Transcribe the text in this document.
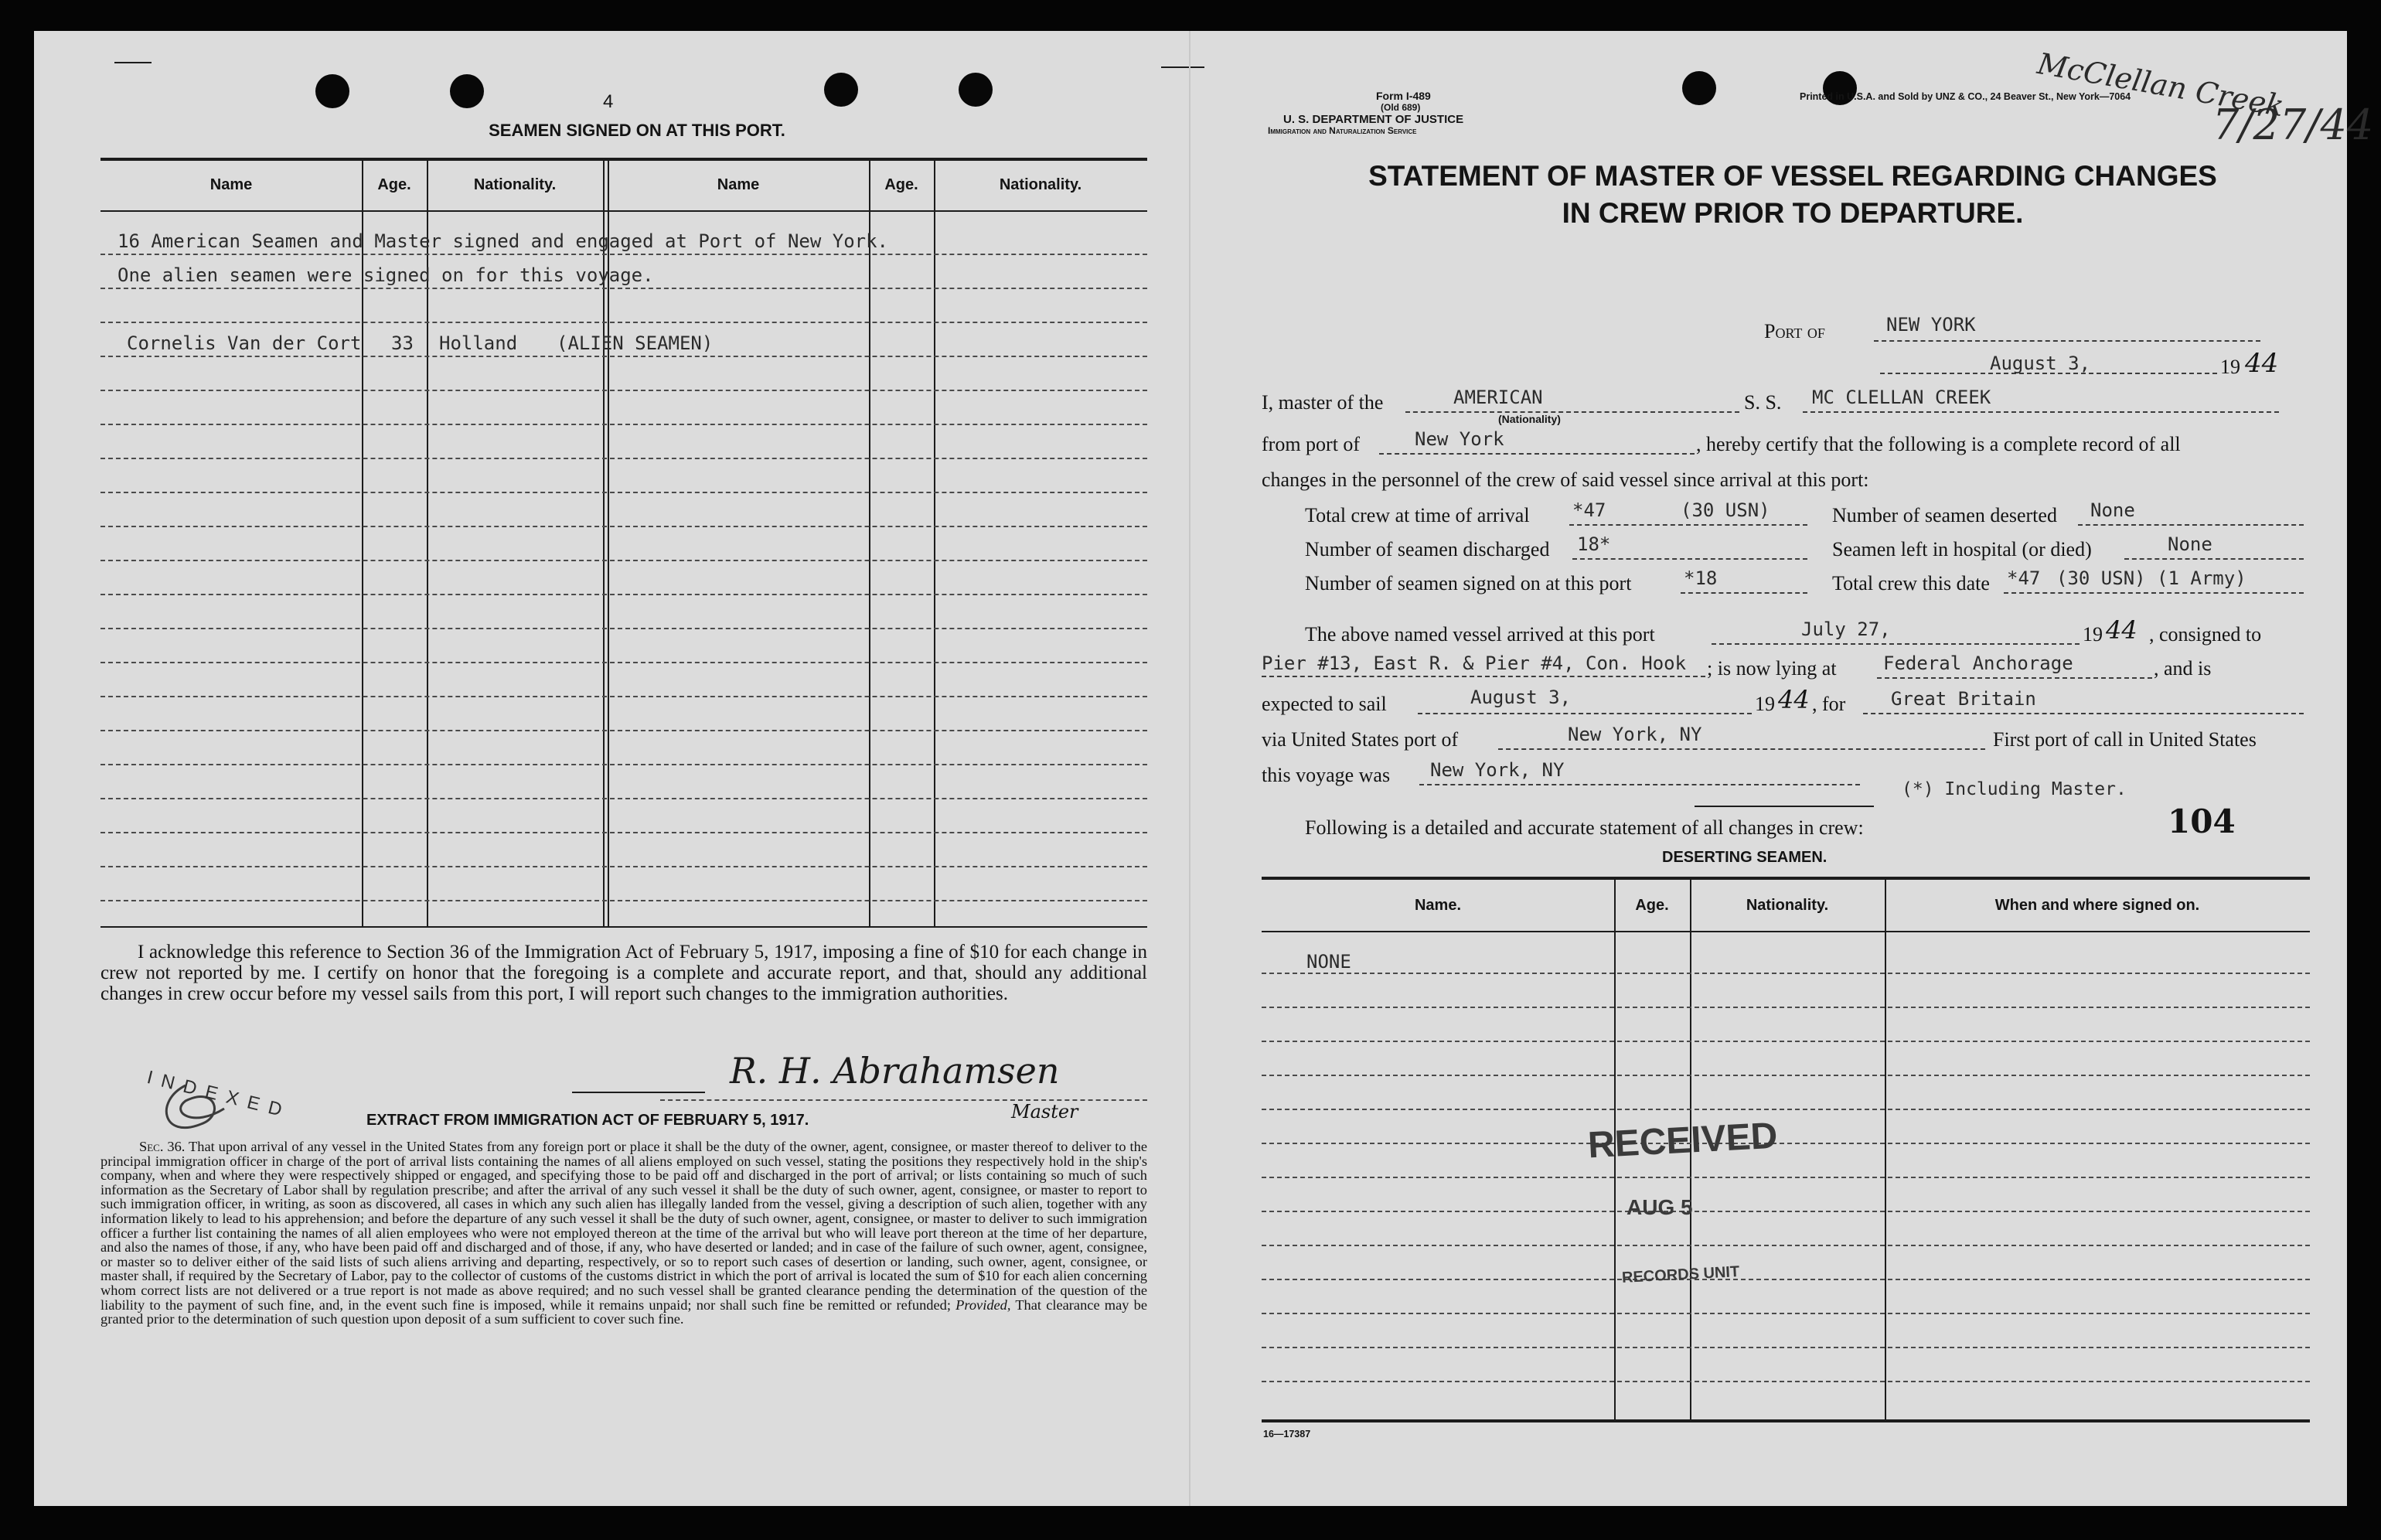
4
SEAMEN SIGNED ON AT THIS PORT.
Name	Age.	Nationality.	Name	Age.	Nationality.
16 American Seamen and Master signed and engaged at Port of New York.
One alien seamen were signed on for this voyage.
Cornelis Van der Cort 33 Holland (ALIEN SEAMEN)
I acknowledge this reference to Section 36 of the Immigration Act of February 5, 1917, imposing a fine of $10 for each change in crew not reported by me. I certify on honor that the foregoing is a complete and accurate report, and that, should any additional changes in crew occur before my vessel sails from this port, I will report such changes to the immigration authorities.
INDEXED	R. H. Abrahamsen
Master
EXTRACT FROM IMMIGRATION ACT OF FEBRUARY 5, 1917.
Sec. 36. That upon arrival of any vessel in the United States from any foreign port or place it shall be the duty of the owner, agent, consignee, or master thereof to deliver to the principal immigration officer in charge of the port of arrival lists containing the names of all aliens employed on such vessel, stating the positions they respectively hold in the ship's company, when and where they were respectively shipped or engaged, and specifying those to be paid off and discharged in the port of arrival; or lists containing so much of such information as the Secretary of Labor shall by regulation prescribe; and after the arrival of any such vessel it shall be the duty of such owner, agent, consignee, or master to report to such immigration officer, in writing, as soon as discovered, all cases in which any such alien has illegally landed from the vessel, giving a description of such alien, together with any information likely to lead to his apprehension; and before the departure of any such vessel it shall be the duty of such owner, agent, consignee, or master to deliver to such immigration officer a further list containing the names of all alien employees who were not employed thereon at the time of the arrival but who will leave port thereon at the time of her departure, and also the names of those, if any, who have been paid off and discharged and of those, if any, who have deserted or landed; and in case of the failure of such owner, agent, consignee, or master so to deliver either of the said lists of such aliens arriving and departing, respectively, or so to report such cases of desertion or landing, such owner, agent, consignee, or master shall, if required by the Secretary of Labor, pay to the collector of customs of the customs district in which the port of arrival is located the sum of $10 for each alien concerning whom correct lists are not delivered or a true report is not made as above required; and no such vessel shall be granted clearance pending the determination of the question of the liability to the payment of such fine, and, in the event such fine is imposed, while it remains unpaid; nor shall such fine be remitted or refunded; Provided, That clearance may be granted prior to the determination of such question upon deposit of a sum sufficient to cover such fine.
Form I-489
(Old 689)
U. S. DEPARTMENT OF JUSTICE
Immigration and Naturalization Service
Printed in U.S.A. and Sold by UNZ & CO., 24 Beaver St., New York—7064
McClellan Creek
7/27/44
STATEMENT OF MASTER OF VESSEL REGARDING CHANGES
IN CREW PRIOR TO DEPARTURE.
Port of	NEW YORK
August 3,	19 44
I, master of the	AMERICAN
(Nationality)
S. S. MC CLELLAN CREEK
from port of	New York	, hereby certify that the following is a complete record of all
changes in the personnel of the crew of said vessel since arrival at this port:
Total crew at time of arrival *47	(30 USN)	Number of seamen deserted None
Number of seamen discharged 18*	Seamen left in hospital (or died)	None
Number of seamen signed on at this port	*18	Total crew this date *47 (30 USN) (1 Army)
The above named vessel arrived at this port	July 27,	19 44 , consigned to
Pier #13, East R. & Pier #4, Con. Hook ; is now lying at	Federal Anchorage	, and is
expected to sail	August 3,	19 44 , for Great Britain
via United States port of	New York, NY	First port of call in United States
this voyage was New York, NY
(*) Including Master.
Following is a detailed and accurate statement of all changes in crew:	104
DESERTING SEAMEN.
Name.	Age.	Nationality.	When and where signed on.
NONE
RECEIVED
AUG 5
RECORDS UNIT
16—17387
